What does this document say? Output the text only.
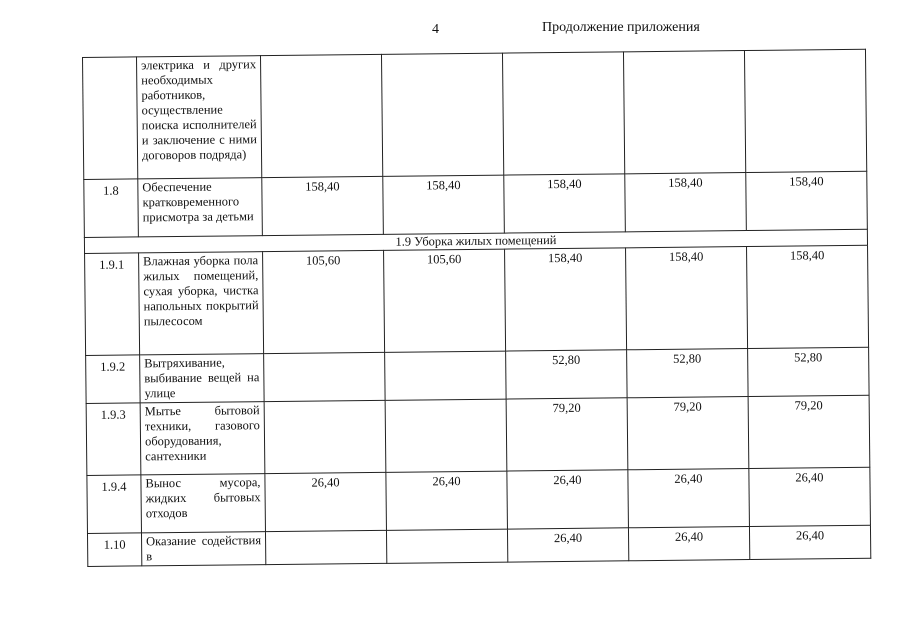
4	Продолжение приложения
	электрика и других необходимых работников, осуществление поиска исполнителей и заключение с ними договоров подряда)					
1.8	Обеспечение кратковременного присмотра за детьми	158,40	158,40	158,40	158,40	158,40
1.9 Уборка жилых помещений						
1.9.1	Влажная уборка пола жилых помещений, сухая уборка, чистка напольных покрытий пылесосом	105,60	105,60	158,40	158,40	158,40
1.9.2	Вытряхивание, выбивание вещей на улице			52,80	52,80	52,80
1.9.3	Мытье бытовой техники, газового оборудования, сантехники			79,20	79,20	79,20
1.9.4	Вынос мусора, жидких бытовых отходов	26,40	26,40	26,40	26,40	26,40
1.10	Оказание содействия в			26,40	26,40	26,40
